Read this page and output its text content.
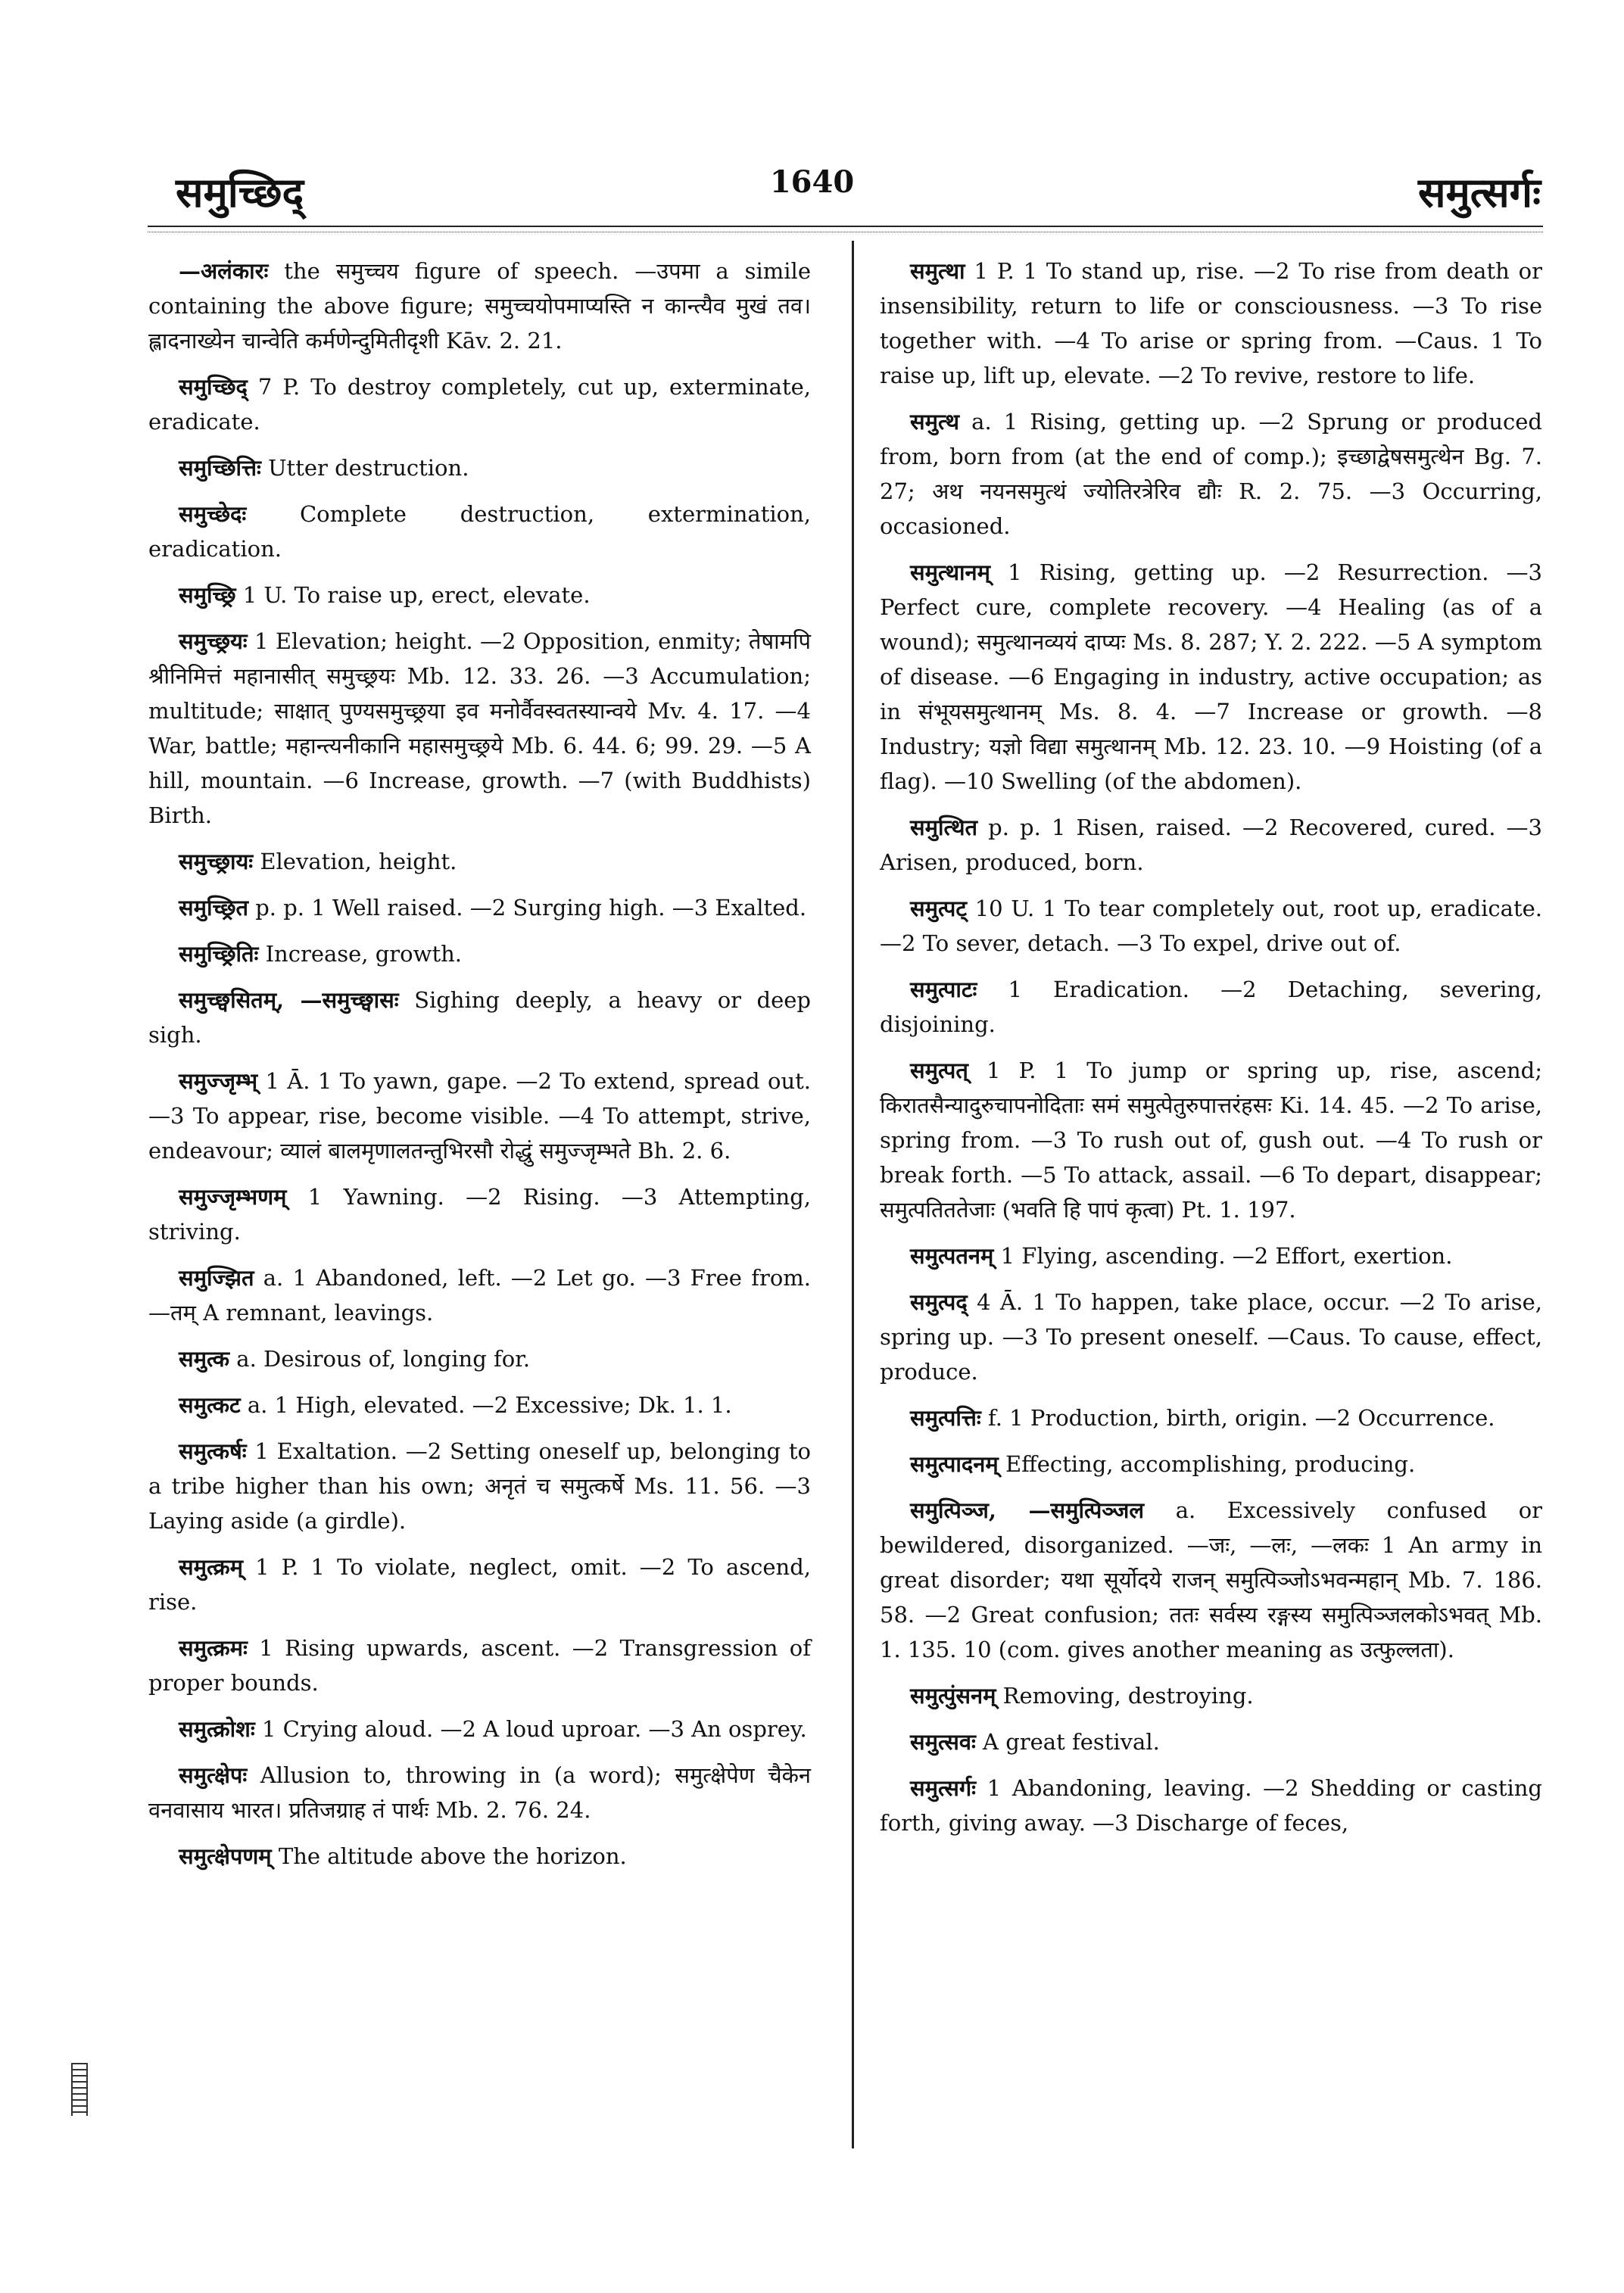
समुच्छिद्	1640	समुत्सर्गः

—अलंकारः the समुच्चय figure of speech. —उपमा a simile containing the above figure; समुच्चयोपमाप्यस्ति न कान्त्यैव मुखं तव। ह्लादनाख्येन चान्वेति कर्मणेन्दुमितीदृशी Kāv. 2. 21.

समुच्छिद् 7 P. To destroy completely, cut up, exterminate, eradicate.

समुच्छित्तिः Utter destruction.

समुच्छेदः Complete destruction, extermination, eradication.

समुच्छ्रि 1 U. To raise up, erect, elevate.

समुच्छ्रयः 1 Elevation; height. —2 Opposition, enmity; तेषामपि श्रीनिमित्तं महानासीत् समुच्छ्रयः Mb. 12. 33. 26. —3 Accumulation; multitude; साक्षात् पुण्यसमुच्छ्रया इव मनोर्वैवस्वतस्यान्वये Mv. 4. 17. —4 War, battle; महान्त्यनीकानि महासमुच्छ्रये Mb. 6. 44. 6; 99. 29. —5 A hill, mountain. —6 Increase, growth. —7 (with Buddhists) Birth.

समुच्छ्रायः Elevation, height.

समुच्छ्रित p. p. 1 Well raised. —2 Surging high. —3 Exalted.

समुच्छ्रितिः Increase, growth.

समुच्छ्वसितम्, —समुच्छ्वासः Sighing deeply, a heavy or deep sigh.

समुज्जृम्भ् 1 Ā. 1 To yawn, gape. —2 To extend, spread out. —3 To appear, rise, become visible. —4 To attempt, strive, endeavour; व्यालं बालमृणालतन्तुभिरसौ रोद्धुं समुज्जृम्भते Bh. 2. 6.

समुज्जृम्भणम् 1 Yawning. —2 Rising. —3 Attempting, striving.

समुज्झित a. 1 Abandoned, left. —2 Let go. —3 Free from. —तम् A remnant, leavings.

समुत्क a. Desirous of, longing for.

समुत्कट a. 1 High, elevated. —2 Excessive; Dk. 1. 1.

समुत्कर्षः 1 Exaltation. —2 Setting oneself up, belonging to a tribe higher than his own; अनृतं च समुत्कर्षे Ms. 11. 56. —3 Laying aside (a girdle).

समुत्क्रम् 1 P. 1 To violate, neglect, omit. —2 To ascend, rise.

समुत्क्रमः 1 Rising upwards, ascent. —2 Transgression of proper bounds.

समुत्क्रोशः 1 Crying aloud. —2 A loud uproar. —3 An osprey.

समुत्क्षेपः Allusion to, throwing in (a word); समुत्क्षेपेण चैकेन वनवासाय भारत। प्रतिजग्राह तं पार्थः Mb. 2. 76. 24.

समुत्क्षेपणम् The altitude above the horizon.

समुत्था 1 P. 1 To stand up, rise. —2 To rise from death or insensibility, return to life or consciousness. —3 To rise together with. —4 To arise or spring from. —Caus. 1 To raise up, lift up, elevate. —2 To revive, restore to life.

समुत्थ a. 1 Rising, getting up. —2 Sprung or produced from, born from (at the end of comp.); इच्छाद्वेषसमुत्थेन Bg. 7. 27; अथ नयनसमुत्थं ज्योतिरत्रेरिव द्यौः R. 2. 75. —3 Occurring, occasioned.

समुत्थानम् 1 Rising, getting up. —2 Resurrection. —3 Perfect cure, complete recovery. —4 Healing (as of a wound); समुत्थानव्ययं दाप्यः Ms. 8. 287; Y. 2. 222. —5 A symptom of disease. —6 Engaging in industry, active occupation; as in संभूयसमुत्थानम् Ms. 8. 4. —7 Increase or growth. —8 Industry; यज्ञो विद्या समुत्थानम् Mb. 12. 23. 10. —9 Hoisting (of a flag). —10 Swelling (of the abdomen).

समुत्थित p. p. 1 Risen, raised. —2 Recovered, cured. —3 Arisen, produced, born.

समुत्पट् 10 U. 1 To tear completely out, root up, eradicate. —2 To sever, detach. —3 To expel, drive out of.

समुत्पाटः 1 Eradication. —2 Detaching, severing, disjoining.

समुत्पत् 1 P. 1 To jump or spring up, rise, ascend; किरातसैन्यादुरुचापनोदिताः समं समुत्पेतुरुपात्तरंहसः Ki. 14. 45. —2 To arise, spring from. —3 To rush out of, gush out. —4 To rush or break forth. —5 To attack, assail. —6 To depart, disappear; समुत्पतिततेजाः (भवति हि पापं कृत्वा) Pt. 1. 197.

समुत्पतनम् 1 Flying, ascending. —2 Effort, exertion.

समुत्पद् 4 Ā. 1 To happen, take place, occur. —2 To arise, spring up. —3 To present oneself. —Caus. To cause, effect, produce.

समुत्पत्तिः f. 1 Production, birth, origin. —2 Occurrence.

समुत्पादनम् Effecting, accomplishing, producing.

समुत्पिञ्ज, —समुत्पिञ्जल a. Excessively confused or bewildered, disorganized. —जः, —लः, —लकः 1 An army in great disorder; यथा सूर्योदये राजन् समुत्पिञ्जोऽभवन्महान् Mb. 7. 186. 58. —2 Great confusion; ततः सर्वस्य रङ्गस्य समुत्पिञ्जलकोऽभवत् Mb. 1. 135. 10 (com. gives another meaning as उत्फुल्लता).

समुत्पुंसनम् Removing, destroying.

समुत्सवः A great festival.

समुत्सर्गः 1 Abandoning, leaving. —2 Shedding or casting forth, giving away. —3 Discharge of feces,
